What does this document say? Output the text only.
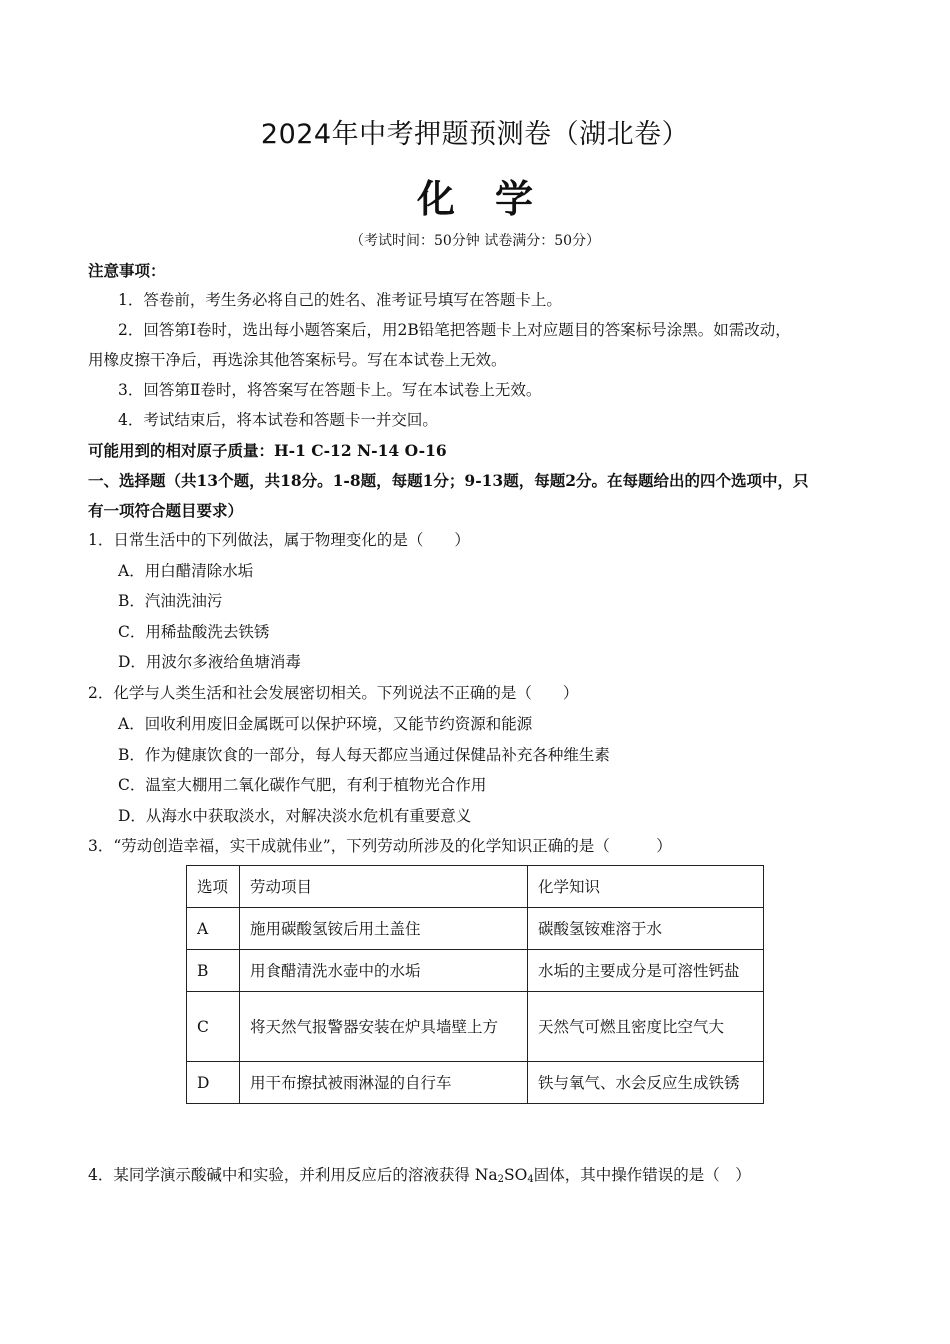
2024年中考押题预测卷（湖北卷）
化学
（考试时间：50分钟 试卷满分：50分）
注意事项：
1．答卷前，考生务必将自己的姓名、准考证号填写在答题卡上。
2．回答第Ⅰ卷时，选出每小题答案后，用2B铅笔把答题卡上对应题目的答案标号涂黑。如需改动，
用橡皮擦干净后，再选涂其他答案标号。写在本试卷上无效。
3．回答第Ⅱ卷时，将答案写在答题卡上。写在本试卷上无效。
4．考试结束后，将本试卷和答题卡一并交回。
可能用到的相对原子质量：H-1 C-12 N-14 O-16
一、选择题（共13个题，共18分。1-8题，每题1分；9-13题，每题2分。在每题给出的四个选项中，只
有一项符合题目要求）
1．日常生活中的下列做法，属于物理变化的是（　　）
A．用白醋清除水垢
B．汽油洗油污
C．用稀盐酸洗去铁锈
D．用波尔多液给鱼塘消毒
2．化学与人类生活和社会发展密切相关。下列说法不正确的是（　　）
A．回收利用废旧金属既可以保护环境，又能节约资源和能源
B．作为健康饮食的一部分，每人每天都应当通过保健品补充各种维生素
C．温室大棚用二氧化碳作气肥，有利于植物光合作用
D．从海水中获取淡水，对解决淡水危机有重要意义
3．“劳动创造幸福，实干成就伟业”，下列劳动所涉及的化学知识正确的是（　　　）
选项	劳动项目	化学知识
A	施用碳酸氢铵后用土盖住	碳酸氢铵难溶于水
B	用食醋清洗水壶中的水垢	水垢的主要成分是可溶性钙盐
C	将天然气报警器安装在炉具墙壁上方	天然气可燃且密度比空气大
D	用干布擦拭被雨淋湿的自行车	铁与氧气、水会反应生成铁锈
4．某同学演示酸碱中和实验，并利用反应后的溶液获得 $Na_2SO_4$固体，其中操作错误的是（　）
